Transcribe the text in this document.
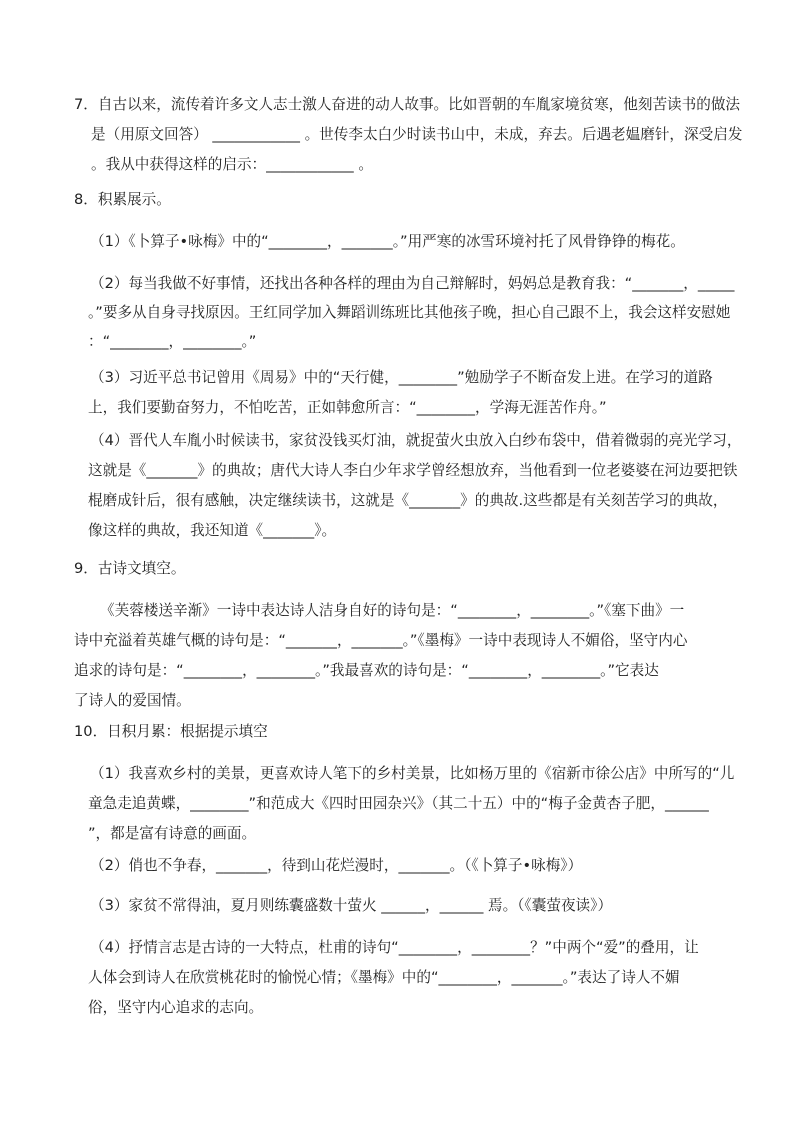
7．自古以来，流传着许多文人志士激人奋进的动人故事。比如晋朝的车胤家境贫寒，他刻苦读书的做法
是（用原文回答） ____________ 。世传李太白少时读书山中，未成，弃去。后遇老媪磨针，深受启发
。我从中获得这样的启示：____________ 。
8．积累展示。
（1）《卜算子•咏梅》中的“________，_______。”用严寒的冰雪环境衬托了风骨铮铮的梅花。
（2）每当我做不好事情，还找出各种各样的理由为自己辩解时，妈妈总是教育我：“_______，_____
。”要多从自身寻找原因。王红同学加入舞蹈训练班比其他孩子晚，担心自己跟不上，我会这样安慰她
：“________，________。”
（3）习近平总书记曾用《周易》中的“天行健，________”勉励学子不断奋发上进。在学习的道路
上，我们要勤奋努力，不怕吃苦，正如韩愈所言：“________，学海无涯苦作舟。”
（4）晋代人车胤小时候读书，家贫没钱买灯油，就捉萤火虫放入白纱布袋中，借着微弱的亮光学习，
这就是《_______》的典故；唐代大诗人李白少年求学曾经想放弃，当他看到一位老婆婆在河边要把铁
棍磨成针后，很有感触，决定继续读书，这就是《_______》的典故.这些都是有关刻苦学习的典故，
像这样的典故，我还知道《_______》。
9．古诗文填空。
《芙蓉楼送辛渐》一诗中表达诗人洁身自好的诗句是：“________，________。”《塞下曲》一
诗中充溢着英雄气概的诗句是：“_______，_______。”《墨梅》一诗中表现诗人不媚俗，坚守内心
追求的诗句是：“________，________。”我最喜欢的诗句是：“________，________。”它表达
了诗人的爱国情。
10．日积月累：根据提示填空
（1）我喜欢乡村的美景，更喜欢诗人笔下的乡村美景，比如杨万里的《宿新市徐公店》中所写的“儿
童急走追黄蝶，________”和范成大《四时田园杂兴》（其二十五）中的“梅子金黄杏子肥，______
”，都是富有诗意的画面。
（2）俏也不争春，_______，待到山花烂漫时，_______。（《卜算子•咏梅》）
（3）家贫不常得油，夏月则练囊盛数十萤火 ______，______ 焉。（《囊萤夜读》）
（4）抒情言志是古诗的一大特点，杜甫的诗句“________，________？”中两个“爱”的叠用，让
人体会到诗人在欣赏桃花时的愉悦心情；《墨梅》中的“________，_______。”表达了诗人不媚
俗，坚守内心追求的志向。
